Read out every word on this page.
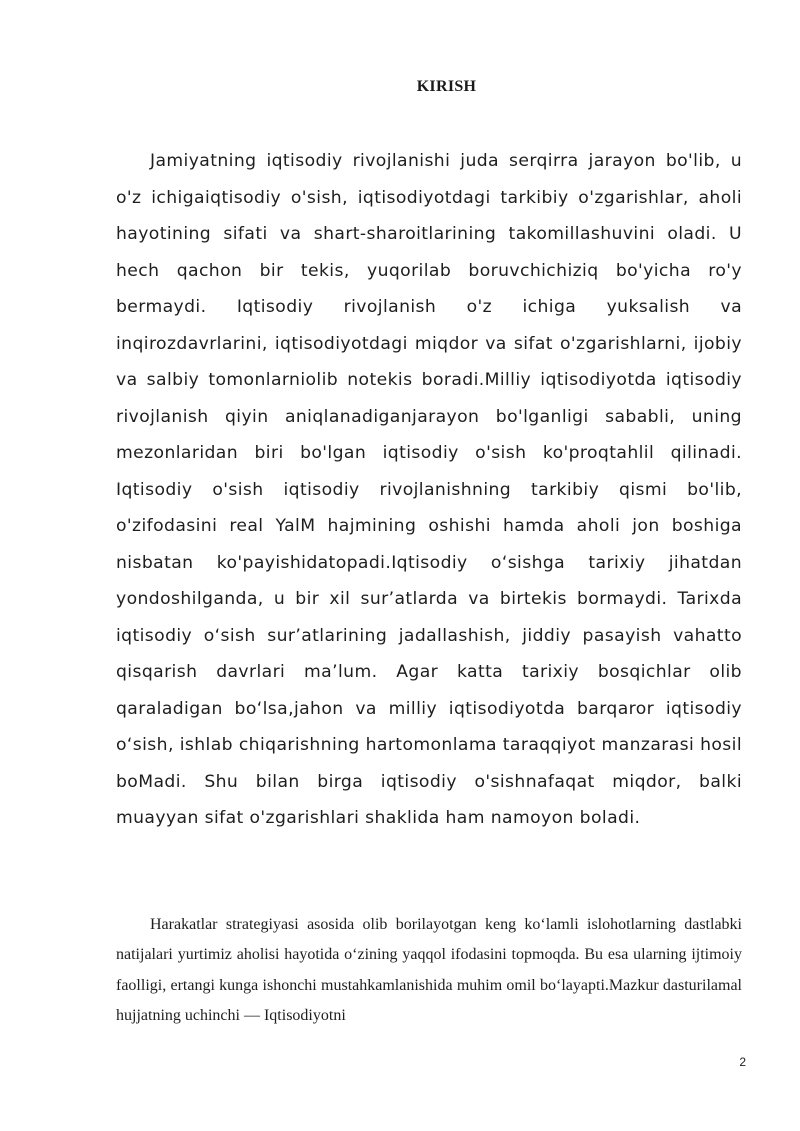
KIRISH

Jamiyatning iqtisodiy rivojlanishi juda serqirra jarayon bo'lib, u o'z ichigaiqtisodiy o'sish, iqtisodiyotdagi tarkibiy o'zgarishlar, aholi hayotining sifati va shart-sharoitlarining takomillashuvini oladi. U hech qachon bir tekis, yuqorilab boruvchichiziq bo'yicha ro'y bermaydi. Iqtisodiy rivojlanish o'z ichiga yuksalish va inqirozdavrlarini, iqtisodiyotdagi miqdor va sifat o'zgarishlarni, ijobiy va salbiy tomonlarniolib notekis boradi.Milliy iqtisodiyotda iqtisodiy rivojlanish qiyin aniqlanadiganjarayon bo'lganligi sababli, uning mezonlaridan biri bo'lgan iqtisodiy o'sish ko'proqtahlil qilinadi. Iqtisodiy o'sish iqtisodiy rivojlanishning tarkibiy qismi bo'lib, o'zifodasini real YalM hajmining oshishi hamda aholi jon boshiga nisbatan ko'payishidatopadi.Iqtisodiy o‘sishga tarixiy jihatdan yondoshilganda, u bir xil sur’atlarda va birtekis bormaydi. Tarixda iqtisodiy o‘sish sur’atlarining jadallashish, jiddiy pasayish vahatto qisqarish davrlari ma’lum. Agar katta tarixiy bosqichlar olib qaraladigan bo‘lsa,jahon va milliy iqtisodiyotda barqaror iqtisodiy o‘sish, ishlab chiqarishning hartomonlama taraqqiyot manzarasi hosil boMadi. Shu bilan birga iqtisodiy o'sishnafaqat miqdor, balki muayyan sifat o'zgarishlari shaklida ham namoyon boladi.

Harakatlar strategiyasi asosida olib borilayotgan keng ko‘lamli islohotlarning dastlabki natijalari yurtimiz aholisi hayotida o‘zining yaqqol ifodasini topmoqda. Bu esa ularning ijtimoiy faolligi, ertangi kunga ishonchi mustahkamlanishida muhim omil bo‘layapti.Mazkur dasturilamal hujjatning uchinchi — Iqtisodiyotni

2
